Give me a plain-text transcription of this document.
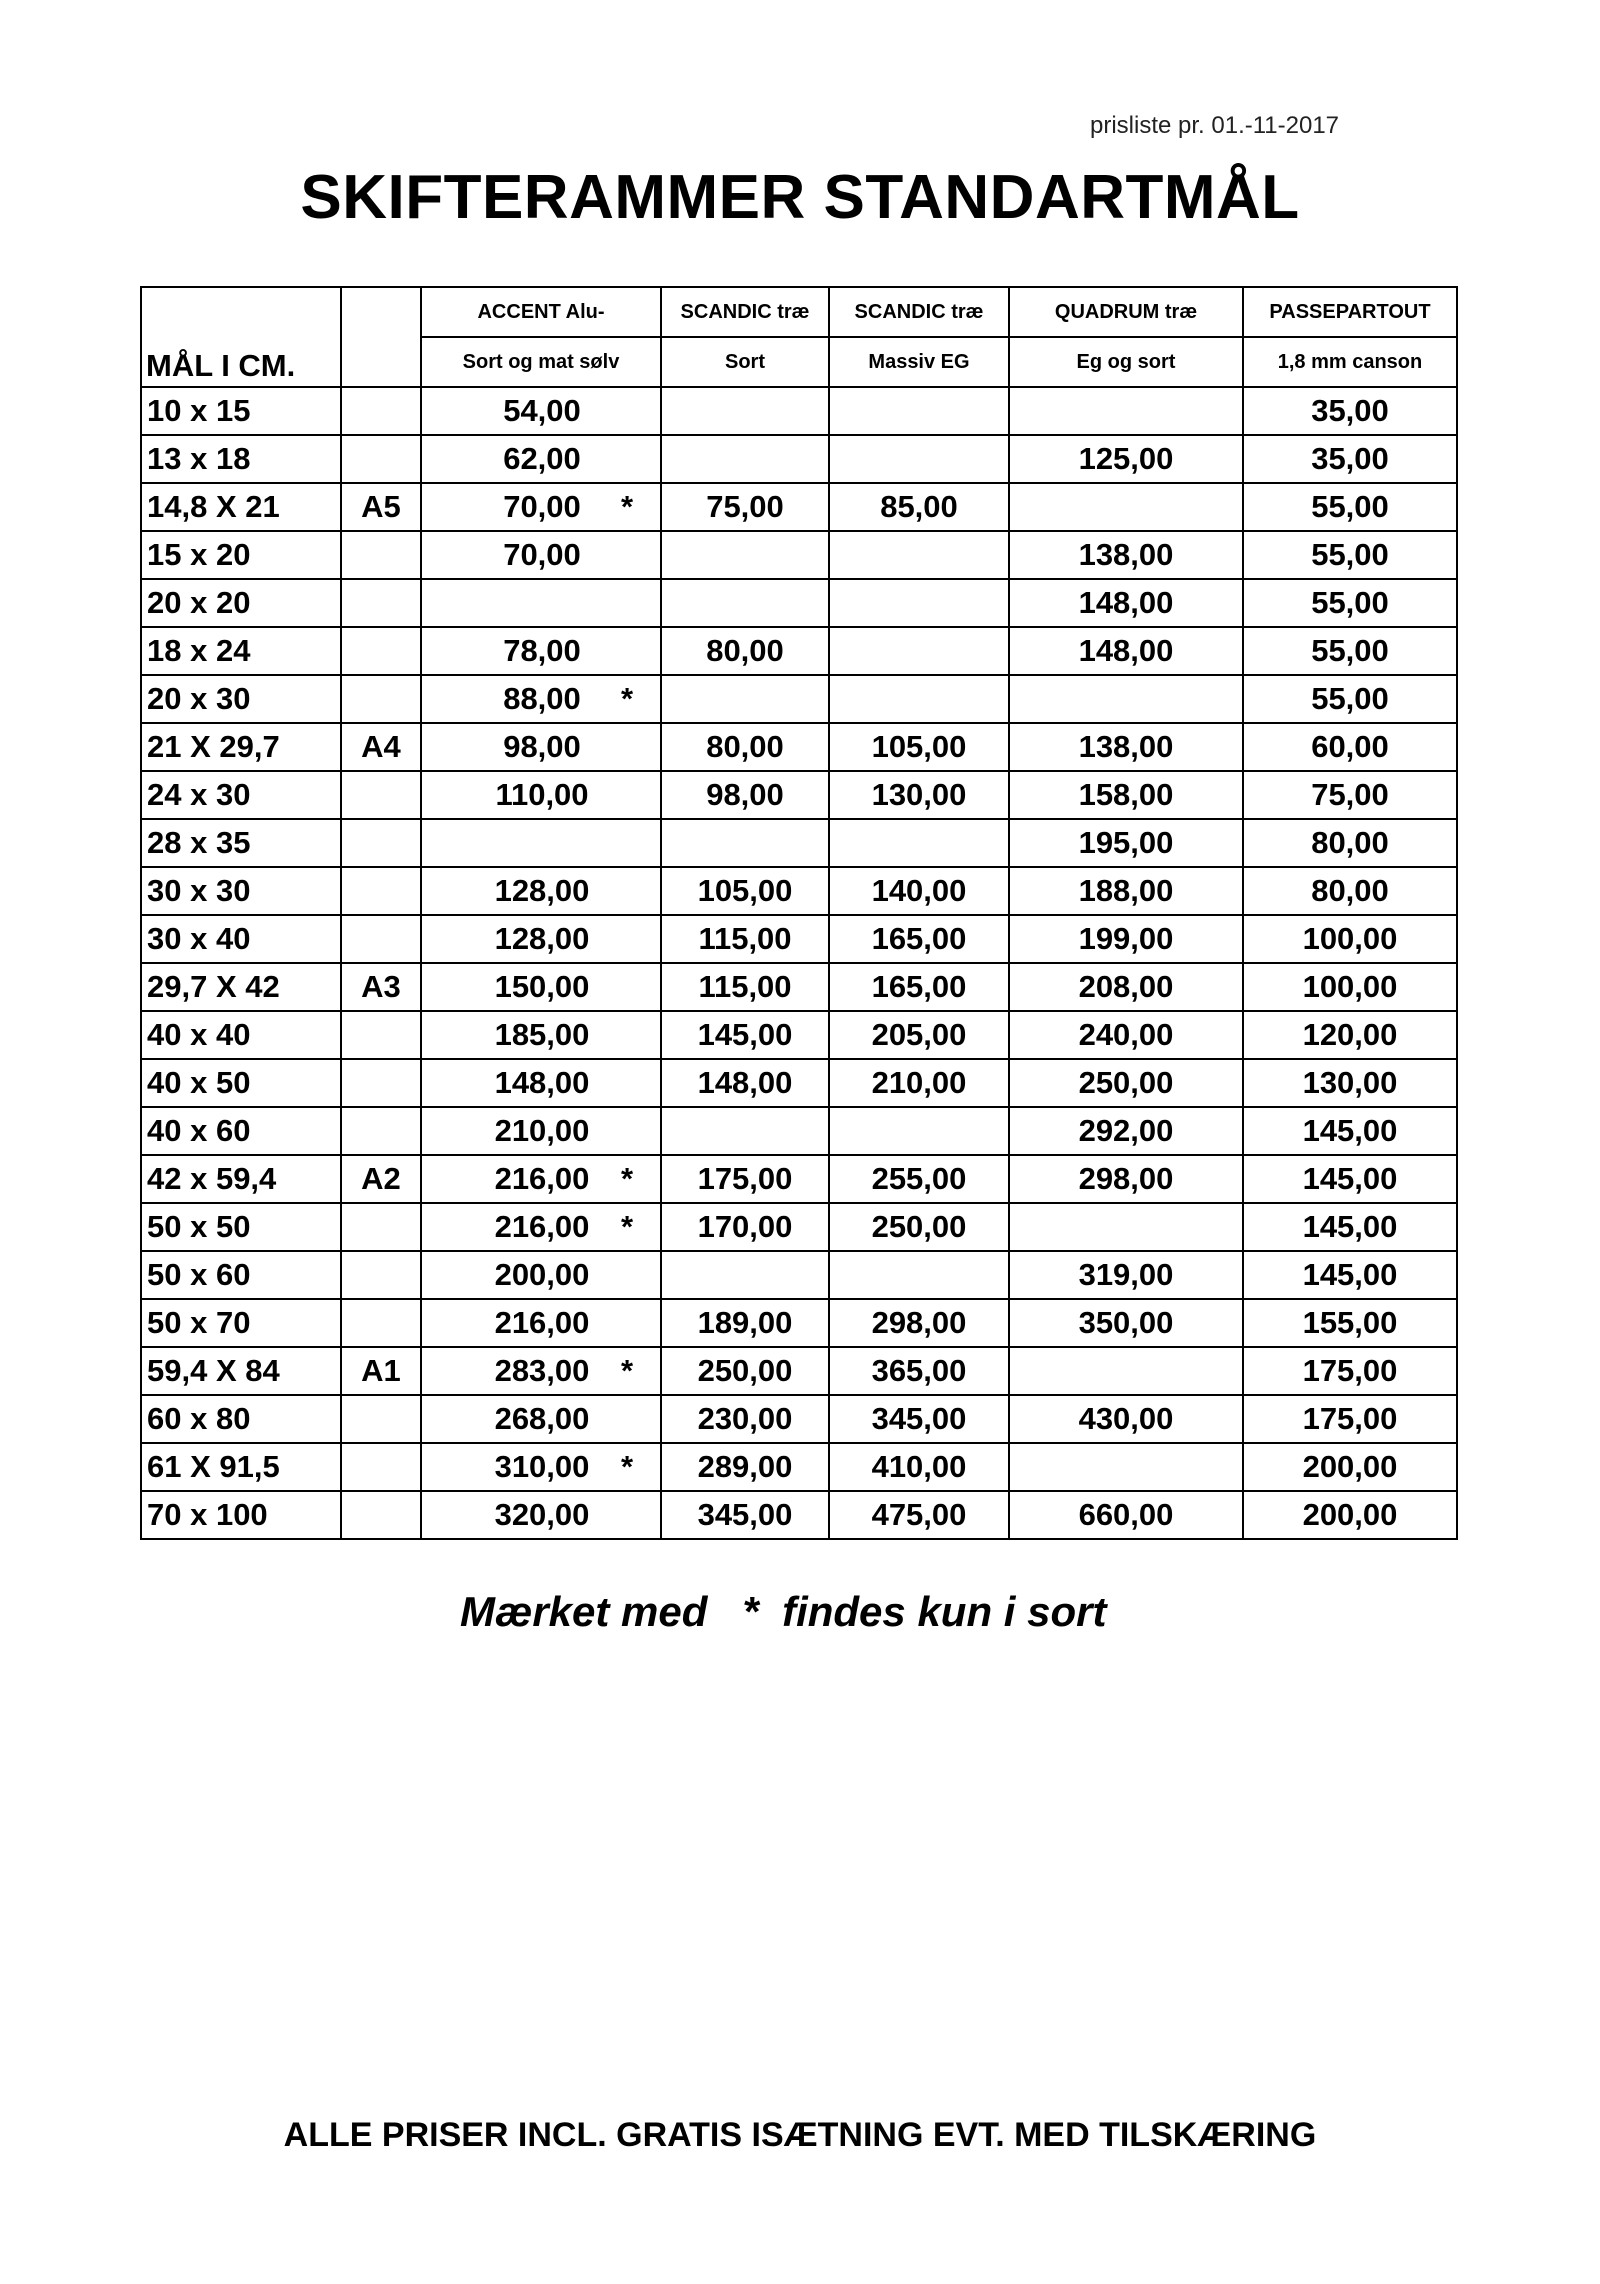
prisliste pr. 01.-11-2017
SKIFTERAMMER STANDARTMÅL
MÅL I CM.		ACCENT Alu-	SCANDIC træ	SCANDIC træ	QUADRUM træ	PASSEPARTOUT
		Sort og mat sølv	Sort	Massiv EG	Eg og sort	1,8 mm canson
10 x 15		54,00				35,00
13 x 18		62,00			125,00	35,00
14,8 X 21	A5	70,00 *	75,00	85,00		55,00
15 x 20		70,00			138,00	55,00
20 x 20					148,00	55,00
18 x 24		78,00	80,00		148,00	55,00
20 x 30		88,00 *				55,00
21 X 29,7	A4	98,00	80,00	105,00	138,00	60,00
24 x 30		110,00	98,00	130,00	158,00	75,00
28 x 35					195,00	80,00
30 x 30		128,00	105,00	140,00	188,00	80,00
30 x 40		128,00	115,00	165,00	199,00	100,00
29,7 X 42	A3	150,00	115,00	165,00	208,00	100,00
40 x 40		185,00	145,00	205,00	240,00	120,00
40 x 50		148,00	148,00	210,00	250,00	130,00
40 x 60		210,00			292,00	145,00
42 x 59,4	A2	216,00 *	175,00	255,00	298,00	145,00
50 x 50		216,00 *	170,00	250,00		145,00
50 x 60		200,00			319,00	145,00
50 x 70		216,00	189,00	298,00	350,00	155,00
59,4 X 84	A1	283,00 *	250,00	365,00		175,00
60 x 80		268,00	230,00	345,00	430,00	175,00
61 X 91,5		310,00 *	289,00	410,00		200,00
70 x 100		320,00	345,00	475,00	660,00	200,00
Mærket med   *  findes kun i sort
ALLE PRISER INCL. GRATIS ISÆTNING EVT. MED TILSKÆRING
